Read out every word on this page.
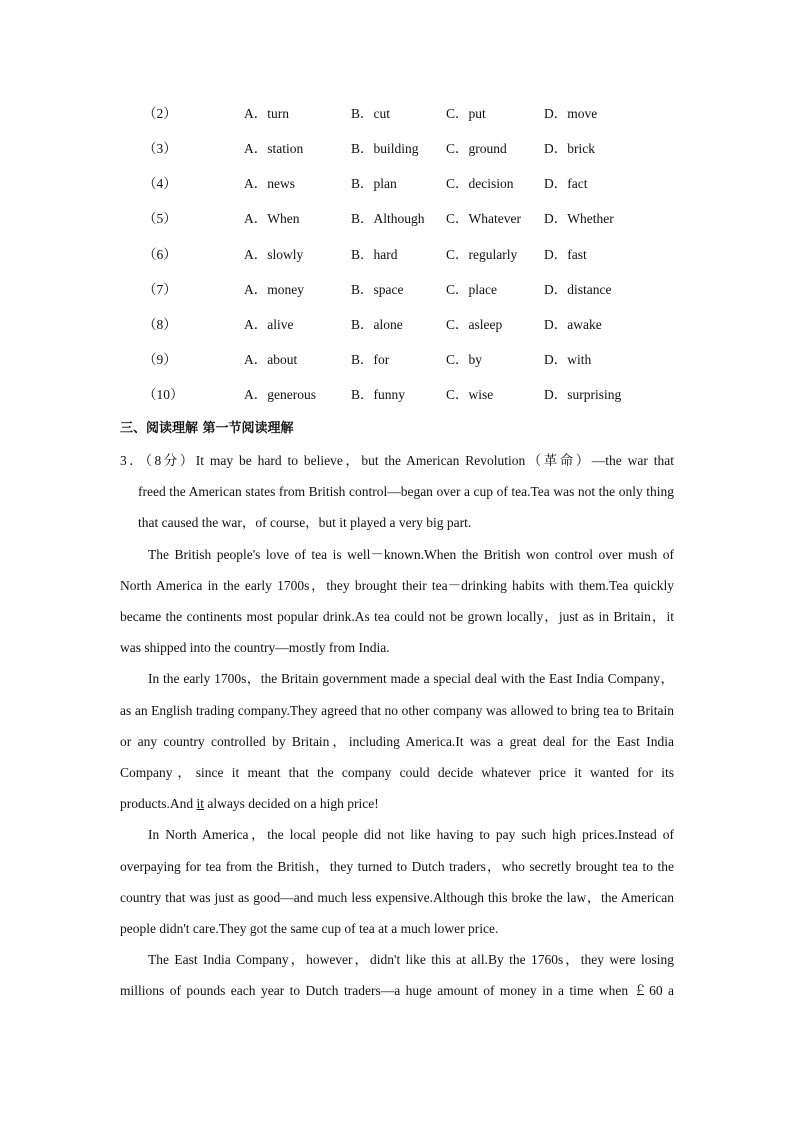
（2）	A．turn	B．cut	C．put	D．move
（3）	A．station	B．building C．ground	D．brick
（4）	A．news	B．plan	C．decision D．fact
（5）	A．When	B．Although C．Whatever D．Whether
（6）	A．slowly	B．hard	C．regularly D．fast
（7）	A．money	B．space	C．place	D．distance
（8）	A．alive	B．alone	C．asleep	D．awake
（9）	A．about	B．for	C．by	D．with
（10）	A．generous	B．funny	C．wise	D．surprising
三、阅读理解 第一节阅读理解
3．（8分）It may be hard to believe，but the American Revolution（革命）—the war that
freed the American states from British control—began over a cup of tea.Tea was not the only thing that caused the war，of course，but it played a very big part.
The British people's love of tea is well－known.When the British won control over mush of North America in the early 1700s，they brought their tea－drinking habits with them.Tea quickly became the continents most popular drink.As tea could not be grown locally，just as in Britain，it was shipped into the country—mostly from India.
In the early 1700s，the Britain government made a special deal with the East India Company，as an English trading company.They agreed that no other company was allowed to bring tea to Britain or any country controlled by Britain，including America.It was a great deal for the East India Company，since it meant that the company could decide whatever price it wanted for its products.And it always decided on a high price!
In North America，the local people did not like having to pay such high prices.Instead of overpaying for tea from the British，they turned to Dutch traders，who secretly brought tea to the country that was just as good—and much less expensive.Although this broke the law，the American people didn't care.They got the same cup of tea at a much lower price.
The East India Company，however，didn't like this at all.By the 1760s，they were losing millions of pounds each year to Dutch traders—a huge amount of money in a time when ￡60 a
